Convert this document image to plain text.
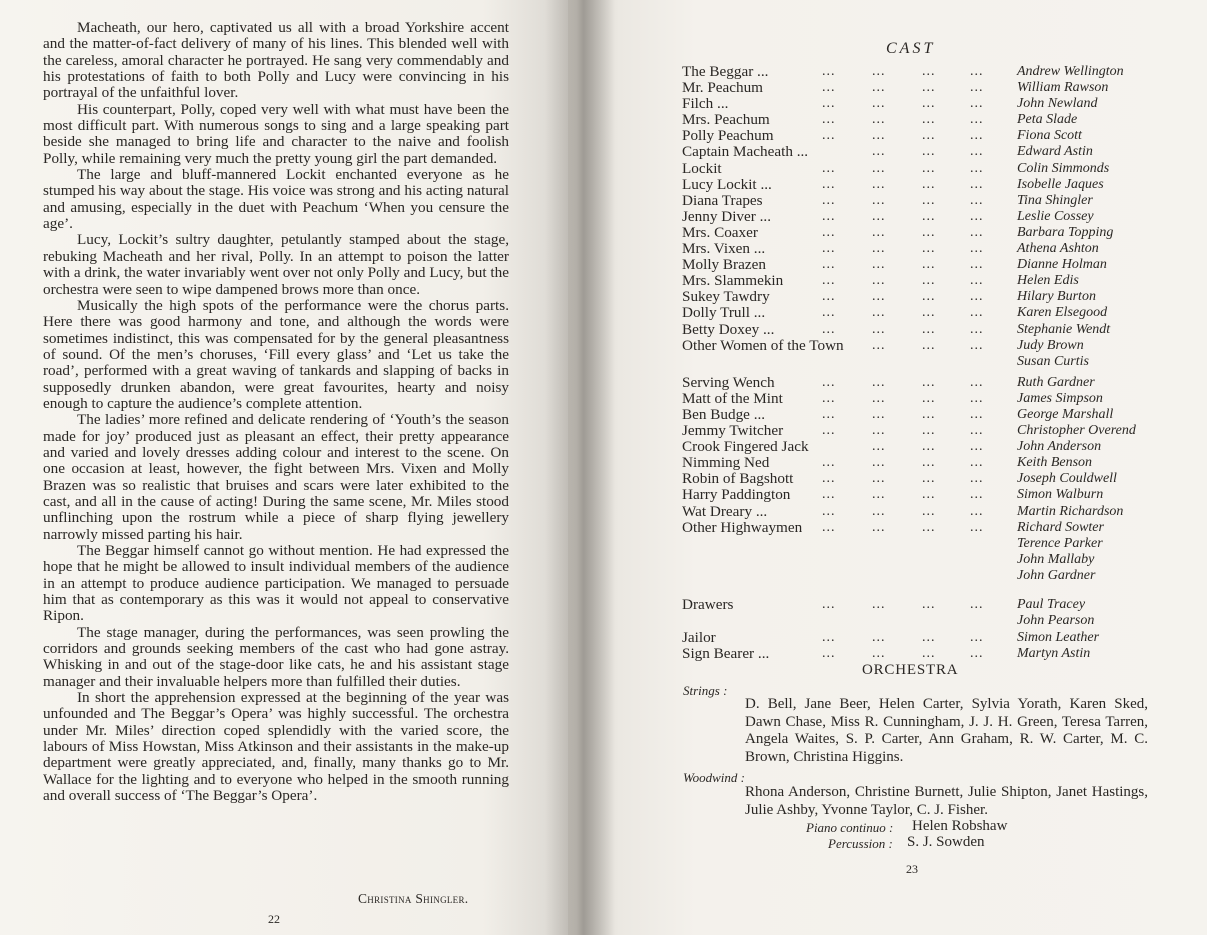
Macheath, our hero, captivated us all with a broad Yorkshire accent and the matter-of-fact delivery of many of his lines. This blended well with the careless, amoral character he portrayed. He sang very commendably and his protestations of faith to both Polly and Lucy were convincing in his portrayal of the unfaithful lover.

His counterpart, Polly, coped very well with what must have been the most difficult part. With numerous songs to sing and a large speaking part beside she managed to bring life and character to the naive and foolish Polly, while remaining very much the pretty young girl the part demanded.

The large and bluff-mannered Lockit enchanted everyone as he stumped his way about the stage. His voice was strong and his acting natural and amusing, especially in the duet with Peachum ‘When you censure the age’.

Lucy, Lockit’s sultry daughter, petulantly stamped about the stage, rebuking Macheath and her rival, Polly. In an attempt to poison the latter with a drink, the water invariably went over not only Polly and Lucy, but the orchestra were seen to wipe dampened brows more than once.

Musically the high spots of the performance were the chorus parts. Here there was good harmony and tone, and although the words were sometimes indistinct, this was compensated for by the general pleasantness of sound. Of the men’s choruses, ‘Fill every glass’ and ‘Let us take the road’, performed with a great waving of tankards and slapping of backs in supposedly drunken abandon, were great favourites, hearty and noisy enough to capture the audience’s complete attention.

The ladies’ more refined and delicate rendering of ‘Youth’s the season made for joy’ produced just as pleasant an effect, their pretty appearance and varied and lovely dresses adding colour and interest to the scene. On one occasion at least, however, the fight between Mrs. Vixen and Molly Brazen was so realistic that bruises and scars were later exhibited to the cast, and all in the cause of acting! During the same scene, Mr. Miles stood unflinching upon the rostrum while a piece of sharp flying jewellery narrowly missed parting his hair.

The Beggar himself cannot go without mention. He had expressed the hope that he might be allowed to insult individual members of the audience in an attempt to produce audience participation. We managed to persuade him that as contemporary as this was it would not appeal to conservative Ripon.

The stage manager, during the performances, was seen prowling the corridors and grounds seeking members of the cast who had gone astray. Whisking in and out of the stage-door like cats, he and his assistant stage manager and their invaluable helpers more than fulfilled their duties.

In short the apprehension expressed at the beginning of the year was unfounded and The Beggar’s Opera’ was highly successful. The orchestra under Mr. Miles’ direction coped splendidly with the varied score, the labours of Miss Howstan, Miss Atkinson and their assistants in the make-up department were greatly appreciated, and, finally, many thanks go to Mr. Wallace for the lighting and to everyone who helped in the smooth running and overall success of ‘The Beggar’s Opera’.

Christina Shingler.
22
CAST
The Beggar ...	...	...	... ... Andrew Wellington
Mr. Peachum	...	...	... ... William Rawson
Filch ...	...	...	... ... John Newland
Mrs. Peachum	...	...	... ... Peta Slade
Polly Peachum	...	...	... ... Fiona Scott
Captain Macheath ...	...	... ... Edward Astin
Lockit	...	...	... ... Colin Simmonds
Lucy Lockit ...	...	...	... ... Isobelle Jaques
Diana Trapes	...	...	... ... Tina Shingler
Jenny Diver ...	...	...	... ... Leslie Cossey
Mrs. Coaxer	...	...	... ... Barbara Topping
Mrs. Vixen ...	...	...	... ... Athena Ashton
Molly Brazen	...	...	... ... Dianne Holman
Mrs. Slammekin	...	...	... ... Helen Edis
Sukey Tawdry	...	...	... ... Hilary Burton
Dolly Trull ...	...	...	... ... Karen Elsegood
Betty Doxey ...	...	...	... ... Stephanie Wendt
Other Women of the Town ...	... ... Judy Brown
Susan Curtis
Serving Wench	...	...	... ... Ruth Gardner
Matt of the Mint	...	...	... ... James Simpson
Ben Budge ...	...	...	... ... George Marshall
Jemmy Twitcher	...	...	... ... Christopher Overend
Crook Fingered Jack	...	... ... John Anderson
Nimming Ned	...	...	... ... Keith Benson
Robin of Bagshott ...	...	... ... Joseph Couldwell
Harry Paddington ...	...	... ... Simon Walburn
Wat Dreary ...	...	...	... ... Martin Richardson
Other Highwaymen ...	...	... ... Richard Sowter
Terence Parker
John Mallaby
John Gardner
Drawers	...	...	... ... Paul Tracey
John Pearson
Jailor	...	...	... ... Simon Leather
Sign Bearer ...	...	...	... ... Martyn Astin
ORCHESTRA
Strings :
D. Bell, Jane Beer, Helen Carter, Sylvia Yorath, Karen Sked, Dawn Chase, Miss R. Cunningham, J. J. H. Green, Teresa Tarren, Angela Waites, S. P. Carter, Ann Graham, R. W. Carter, M. C. Brown, Christina Higgins.
Woodwind :
Rhona Anderson, Christine Burnett, Julie Shipton, Janet Hastings, Julie Ashby, Yvonne Taylor, C. J. Fisher.
Piano continuo : Helen Robshaw
Percussion : S. J. Sowden
23
